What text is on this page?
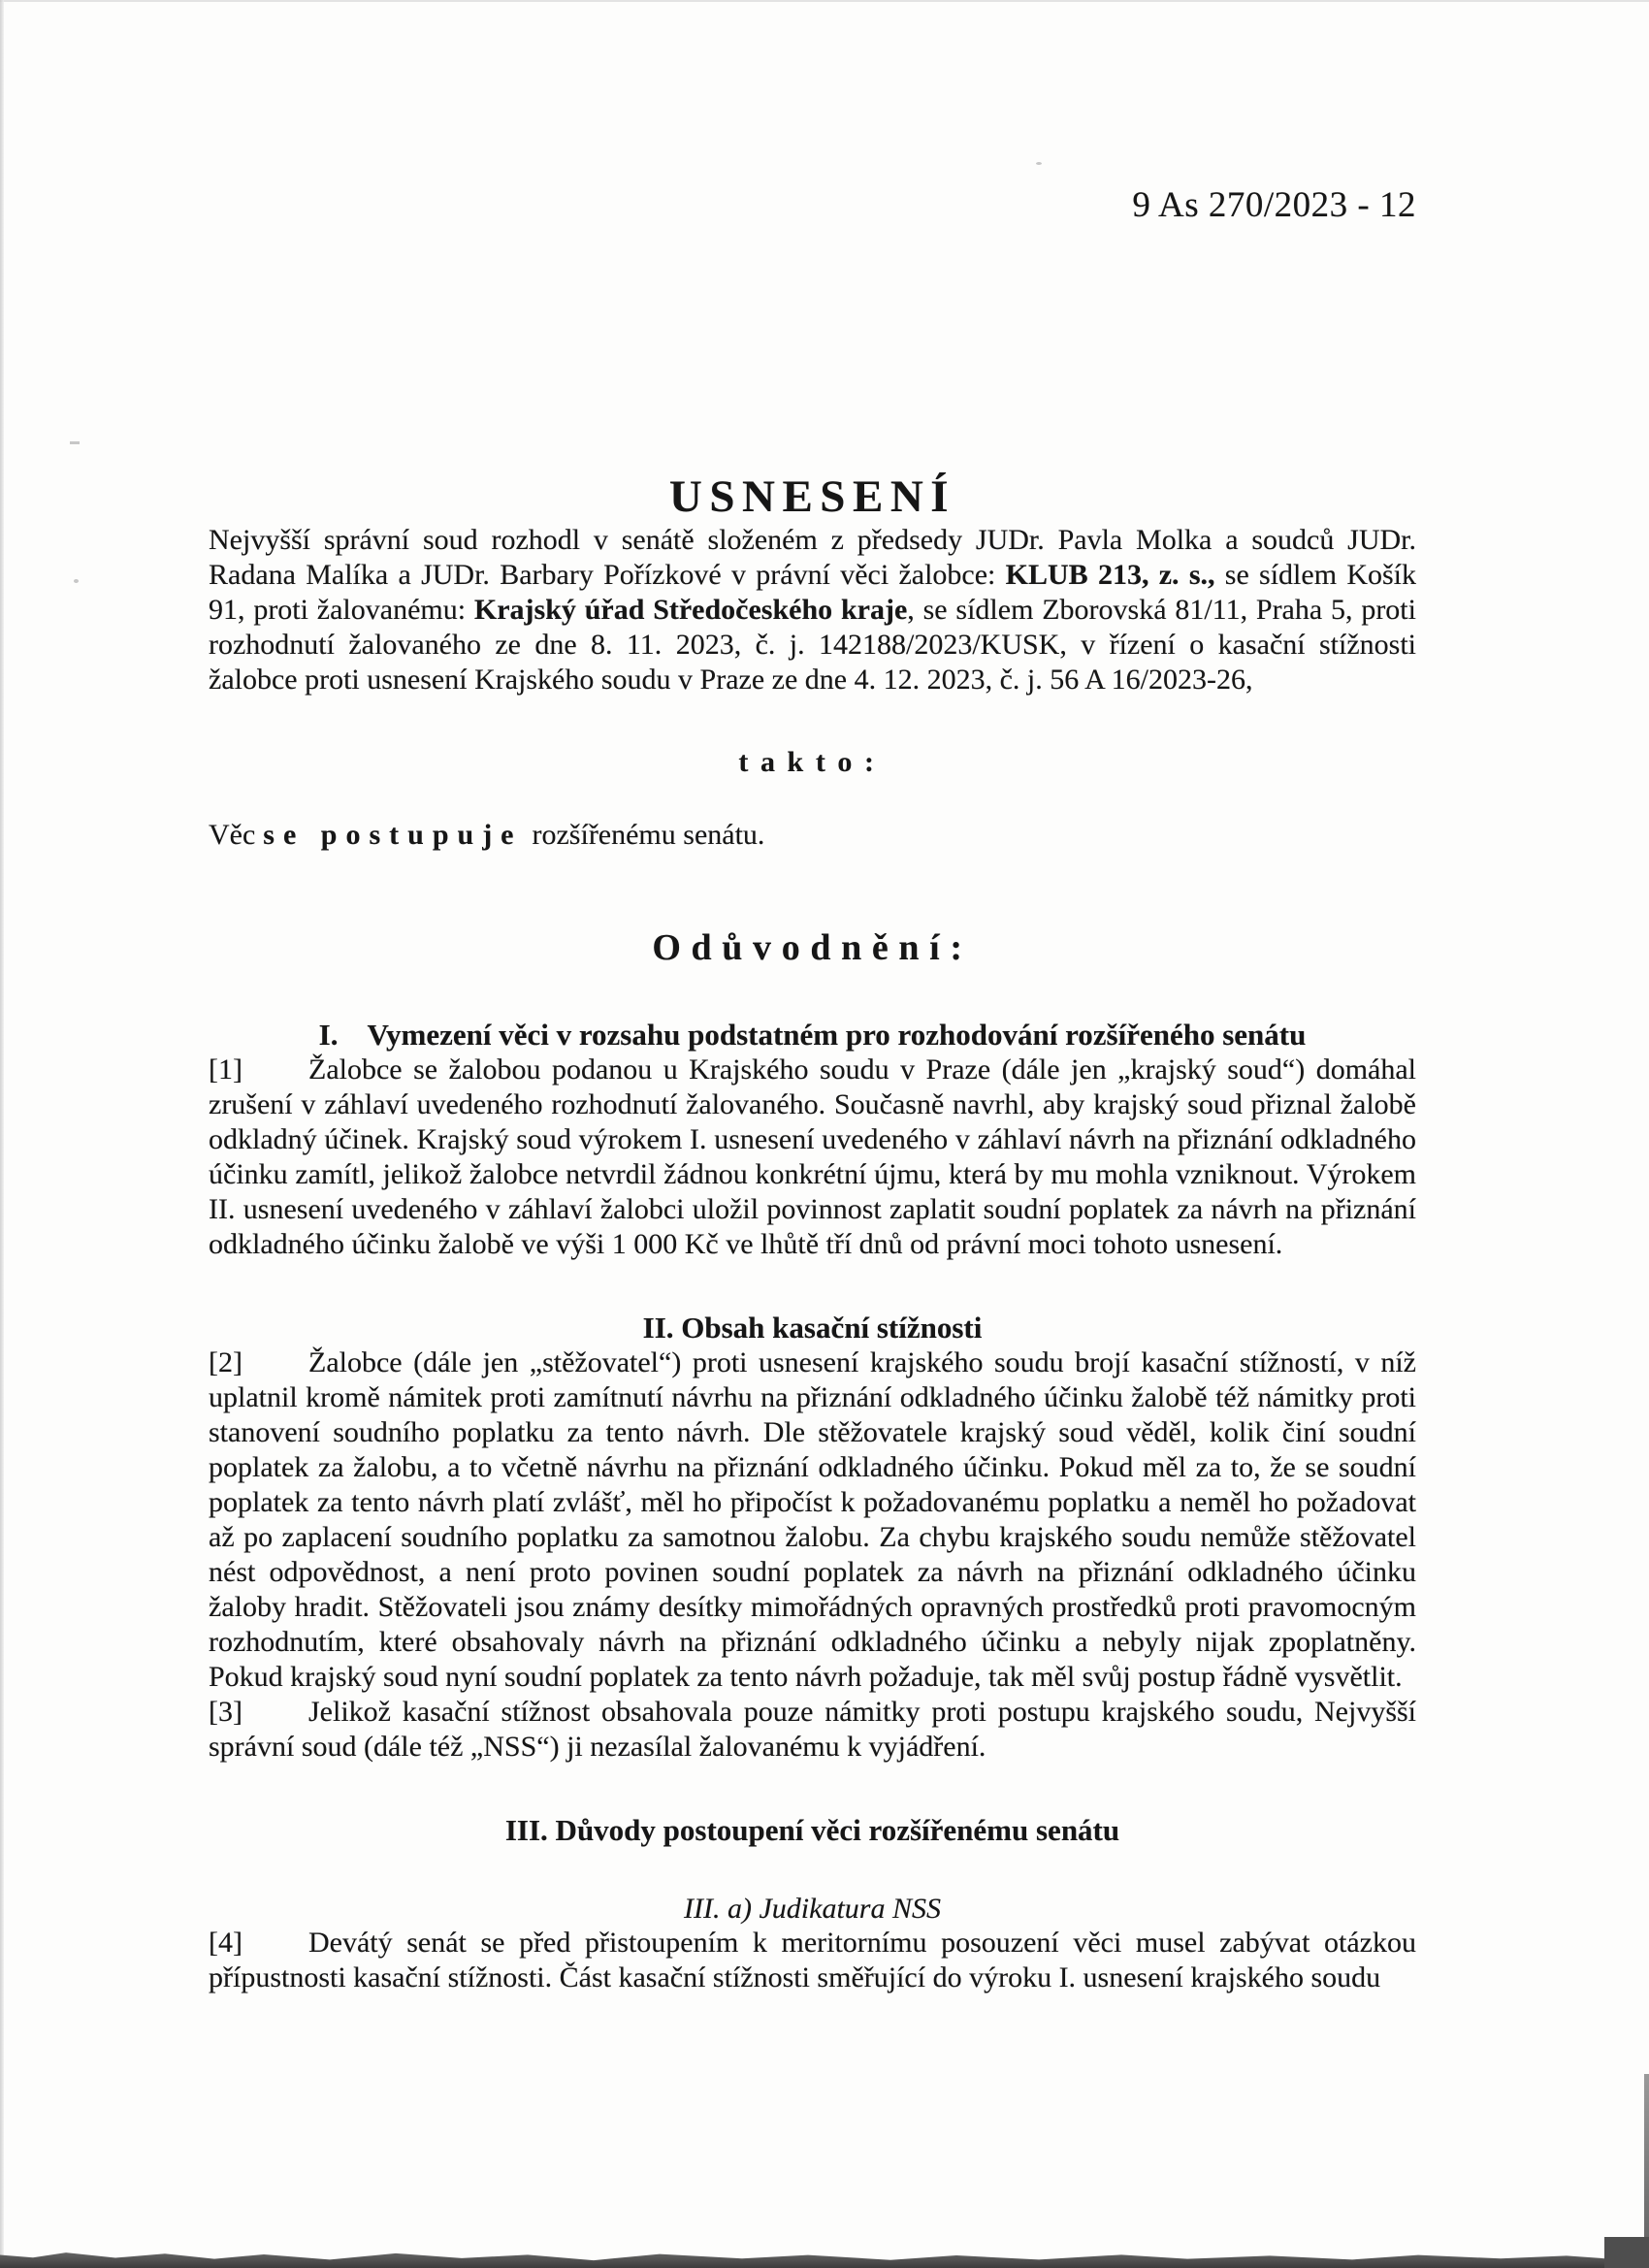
9 As 270/2023 - 12
USNESENÍ

Nejvyšší správní soud rozhodl v senátě složeném z předsedy JUDr. Pavla Molka a soudců JUDr. Radana Malíka a JUDr. Barbary Pořízkové v právní věci žalobce: KLUB 213, z. s., se sídlem Košík 91, proti žalovanému: Krajský úřad Středočeského kraje, se sídlem Zborovská 81/11, Praha 5, proti rozhodnutí žalovaného ze dne 8. 11. 2023, č. j. 142188/2023/KUSK, v řízení o kasační stížnosti žalobce proti usnesení Krajského soudu v Praze ze dne 4. 12. 2023, č. j. 56 A 16/2023-26,

takto:

Věc se postupuje rozšířenému senátu.

Odůvodnění:
I. Vymezení věci v rozsahu podstatném pro rozhodování rozšířeného senátu

[1] Žalobce se žalobou podanou u Krajského soudu v Praze (dále jen „krajský soud“) domáhal zrušení v záhlaví uvedeného rozhodnutí žalovaného. Současně navrhl, aby krajský soud přiznal žalobě odkladný účinek. Krajský soud výrokem I. usnesení uvedeného v záhlaví návrh na přiznání odkladného účinku zamítl, jelikož žalobce netvrdil žádnou konkrétní újmu, která by mu mohla vzniknout. Výrokem II. usnesení uvedeného v záhlaví žalobci uložil povinnost zaplatit soudní poplatek za návrh na přiznání odkladného účinku žalobě ve výši 1 000 Kč ve lhůtě tří dnů od právní moci tohoto usnesení.

II. Obsah kasační stížnosti

[2] Žalobce (dále jen „stěžovatel“) proti usnesení krajského soudu brojí kasační stížností, v níž uplatnil kromě námitek proti zamítnutí návrhu na přiznání odkladného účinku žalobě též námitky proti stanovení soudního poplatku za tento návrh. Dle stěžovatele krajský soud věděl, kolik činí soudní poplatek za žalobu, a to včetně návrhu na přiznání odkladného účinku. Pokud měl za to, že se soudní poplatek za tento návrh platí zvlášť, měl ho připočíst k požadovanému poplatku a neměl ho požadovat až po zaplacení soudního poplatku za samotnou žalobu. Za chybu krajského soudu nemůže stěžovatel nést odpovědnost, a není proto povinen soudní poplatek za návrh na přiznání odkladného účinku žaloby hradit. Stěžovateli jsou známy desítky mimořádných opravných prostředků proti pravomocným rozhodnutím, které obsahovaly návrh na přiznání odkladného účinku a nebyly nijak zpoplatněny. Pokud krajský soud nyní soudní poplatek za tento návrh požaduje, tak měl svůj postup řádně vysvětlit.

[3] Jelikož kasační stížnost obsahovala pouze námitky proti postupu krajského soudu, Nejvyšší správní soud (dále též „NSS“) ji nezasílal žalovanému k vyjádření.

III. Důvody postoupení věci rozšířenému senátu
III. a) Judikatura NSS

[4] Devátý senát se před přistoupením k meritornímu posouzení věci musel zabývat otázkou přípustnosti kasační stížnosti. Část kasační stížnosti směřující do výroku I. usnesení krajského soudu
